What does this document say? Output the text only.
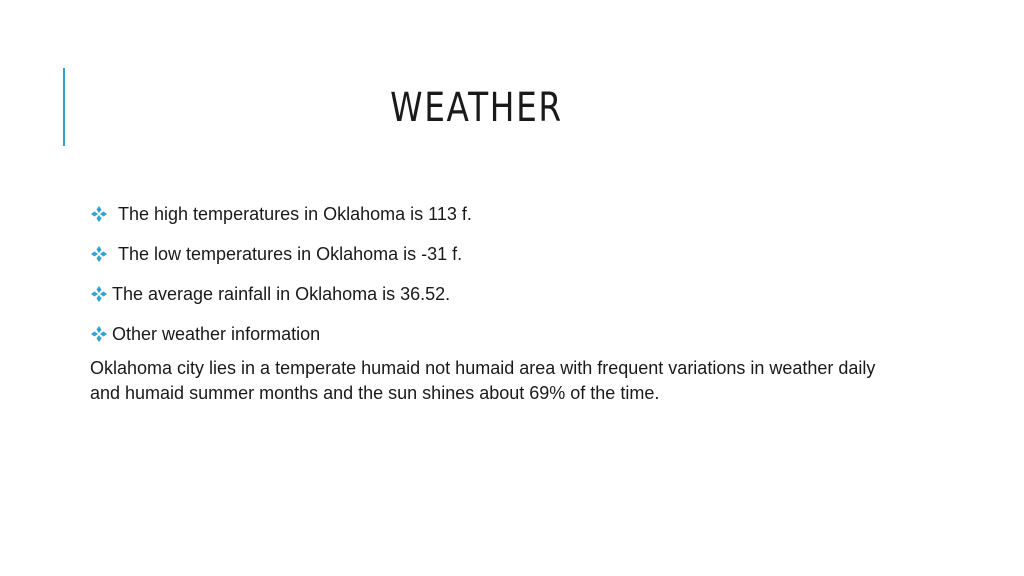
WEATHER
The high temperatures in Oklahoma is 113 f.
The low temperatures in Oklahoma is -31 f.
The average rainfall in Oklahoma is 36.52.
Other weather information
Oklahoma city lies in a temperate humaid not humaid area with frequent variations in weather daily and humaid summer months and the sun shines about 69% of the time.
